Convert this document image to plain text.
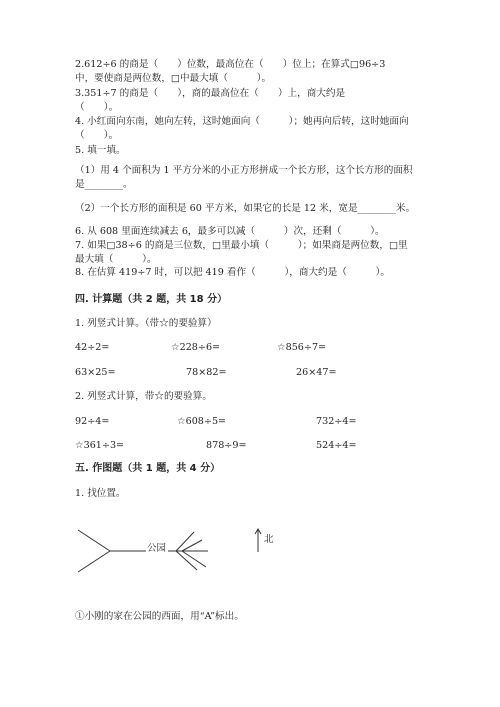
2.612÷6 的商是（　　）位数，最高位在（　　）位上；在算式□96÷3
中，要使商是两位数，□中最大填（　　　）。
3.351÷7 的商是（　　），商的最高位在（　　）上，商大约是
（　　）。
4. 小红面向东南，她向左转，这时她面向（　　　）；她再向后转，这时她面向
（　　）。
5. 填一填。
（1）用 4 个面积为 1 平方分米的小正方形拼成一个长方形，这个长方形的面积
是________。
（2）一个长方形的面积是 60 平方米，如果它的长是 12 米，宽是________米。
6. 从 608 里面连续减去 6，最多可以减（　　　）次，还剩（　　　）。
7. 如果□38÷6 的商是三位数，□里最小填（　　　）；如果商是两位数，□里
最大填（　　　）。
8. 在估算 419÷7 时，可以把 419 看作（　　　），商大约是（　　　）。
四. 计算题（共 2 题，共 18 分）
1. 列竖式计算。（带☆的要验算）
42÷2=	☆228÷6=	☆856÷7=
63×25=	78×82=	26×47=
2. 列竖式计算，带☆的要验算。
92÷4=	☆608÷5=	732÷4=
☆361÷3=	878÷9=	524÷4=
五. 作图题（共 1 题，共 4 分）
1. 找位置。
公园
北
①小刚的家在公园的西面，用“A”标出。
